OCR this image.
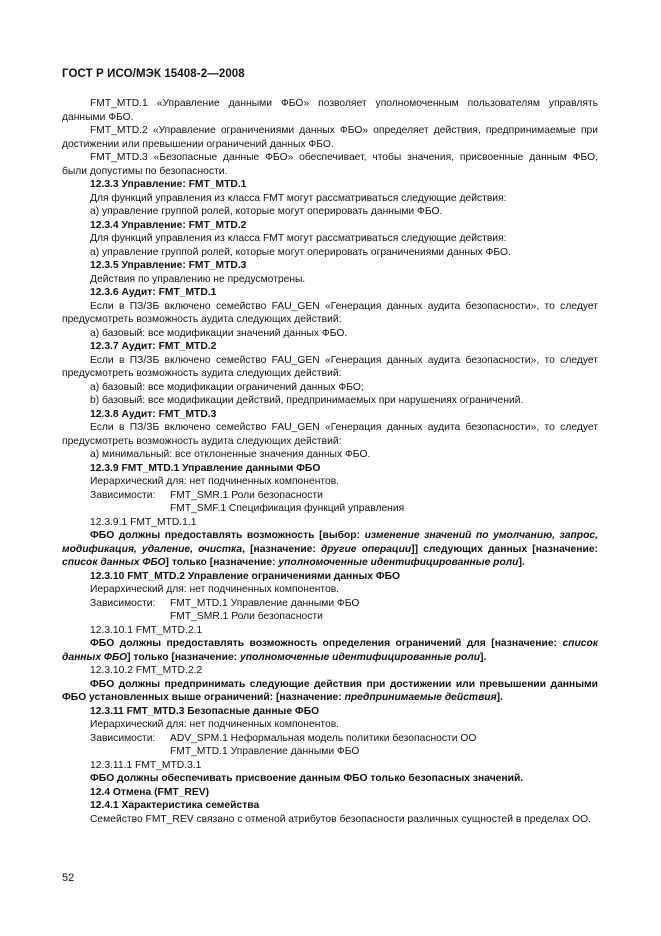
ГОСТ Р ИСО/МЭК 15408-2—2008

FMT_MTD.1 «Управление данными ФБО» позволяет уполномоченным пользователям управлять данными ФБО.

FMT_MTD.2 «Управление ограничениями данных ФБО» определяет действия, предпринимаемые при достижении или превышении ограничений данных ФБО.

FMT_MTD.3 «Безопасные данные ФБО» обеспечивает, чтобы значения, присвоенные данным ФБО, были допустимы по безопасности.

12.3.3 Управление: FMT_MTD.1

Для функций управления из класса FMT могут рассматриваться следующие действия:

а) управление группой ролей, которые могут оперировать данными ФБО.

12.3.4 Управление: FMT_MTD.2

Для функций управления из класса FMT могут рассматриваться следующие действия:

а) управление группой ролей, которые могут оперировать ограничениями данных ФБО.

12.3.5 Управление: FMT_MTD.3

Действия по управлению не предусмотрены.

12.3.6 Аудит: FMT_MTD.1

Если в ПЗ/ЗБ включено семейство FAU_GEN «Генерация данных аудита безопасности», то следует предусмотреть возможность аудита следующих действий:

а) базовый: все модификации значений данных ФБО.

12.3.7 Аудит: FMT_MTD.2

Если в ПЗ/ЗБ включено семейство FAU_GEN «Генерация данных аудита безопасности», то следует предусмотреть возможность аудита следующих действий:

а) базовый: все модификации ограничений данных ФБО;

b) базовый: все модификации действий, предпринимаемых при нарушениях ограничений.

12.3.8 Аудит: FMT_MTD.3

Если в ПЗ/ЗБ включено семейство FAU_GEN «Генерация данных аудита безопасности», то следует предусмотреть возможность аудита следующих действий:

а) минимальный: все отклоненные значения данных ФБО.

12.3.9 FMT_MTD.1 Управление данными ФБО

Иерархический для: нет подчиненных компонентов.

Зависимости: FMT_SMR.1 Роли безопасности

FMT_SMF.1 Спецификация функций управления

12.3.9.1 FMT_MTD.1.1

ФБО должны предоставлять возможность [выбор: изменение значений по умолчанию, запрос, модификация, удаление, очистка, [назначение: другие операции]] следующих данных [назначение: список данных ФБО] только [назначение: уполномоченные идентифицированные роли].

12.3.10 FMT_MTD.2 Управление ограничениями данных ФБО

Иерархический для: нет подчиненных компонентов.

Зависимости: FMT_MTD.1 Управление данными ФБО

FMT_SMR.1 Роли безопасности

12.3.10.1 FMT_MTD.2.1

ФБО должны предоставлять возможность определения ограничений для [назначение: список данных ФБО] только [назначение: уполномоченные идентифицированные роли].

12.3.10.2 FMT_MTD.2.2

ФБО должны предпринимать следующие действия при достижении или превышении данными ФБО установленных выше ограничений: [назначение: предпринимаемые действия].

12.3.11 FMT_MTD.3 Безопасные данные ФБО

Иерархический для: нет подчиненных компонентов.

Зависимости: ADV_SPM.1 Неформальная модель политики безопасности ОО

FMT_MTD.1 Управление данными ФБО

12.3.11.1 FMT_MTD.3.1

ФБО должны обеспечивать присвоение данным ФБО только безопасных значений.

12.4 Отмена (FMT_REV)

12.4.1 Характеристика семейства

Семейство FMT_REV связано с отменой атрибутов безопасности различных сущностей в пределах ОО.

52
